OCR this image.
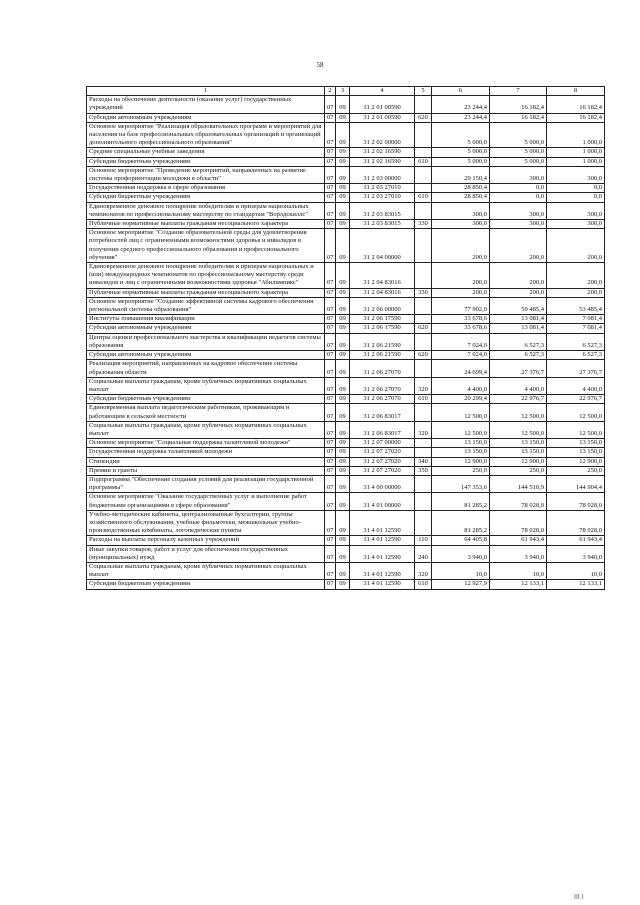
58
1	2	3	4	5	6	7	8
Расходы на обеспечение деятельности (оказание услуг) государственных учреждений	07	09	31 2 01 00590		23 244,4	16 182,4	16 182,4
Субсидии автономным учреждениям	07	09	31 2 01 00590	620	23 244,4	16 182,4	16 182,4
Основное мероприятие "Реализация образовательных программ и мероприятий для населения на базе профессиональных образовательных организаций и организаций дополнительного профессионального образования"	07	09	31 2 02 00000		5 000,0	5 000,0	1 000,0
Средние специальные учебные заведения	07	09	31 2 02 16590		5 000,0	5 000,0	1 000,0
Субсидии бюджетным учреждениям	07	09	31 2 02 16590	610	5 000,0	5 000,0	1 000,0
Основное мероприятие "Проведение мероприятий, направленных на развитие системы профориентации молодежи в области"	07	09	31 2 03 00000		29 150,4	300,0	300,0
Государственная поддержка в сфере образования	07	09	31 2 03 27010		28 850,4	0,0	0,0
Субсидии бюджетным учреждениям	07	09	31 2 03 27010	610	28 850,4	0,0	0,0
Единовременное денежное поощрение победителям и призерам национальных чемпионатов по профессиональному мастерству по стандартам "Ворлдскиллс"	07	09	31 2 03 83015		300,0	300,0	300,0
Публичные нормативные выплаты гражданам несоциального характера	07	09	31 2 03 83015	330	300,0	300,0	300,0
Основное мероприятие "Создание образовательной среды для удовлетворения потребностей лиц с ограниченными возможностями здоровья и инвалидов в получении среднего профессионального образования и профессионального обучения"	07	09	31 2 04 00000		200,0	200,0	200,0
Единовременное денежное поощрение победителям и призерам национальных и (или) международных чемпионатов по профессиональному мастерству среди инвалидов и лиц с ограниченными возможностями здоровья "Абилимпикс"	07	09	31 2 04 83016		200,0	200,0	200,0
Публичные нормативные выплаты гражданам несоциального характера	07	09	31 2 04 83016	330	200,0	200,0	200,0
Основное мероприятие "Создание эффективной системы кадрового обеспечения региональной системы образования"	07	09	31 2 06 00000		77 902,0	59 485,4	53 485,4
Институты повышения квалификации	07	09	31 2 06 17590		33 678,6	13 081,4	7 081,4
Субсидии автономным учреждениям	07	09	31 2 06 17590	620	33 678,6	13 081,4	7 081,4
Центры оценки профессионального мастерства и квалификации педагогов системы образования	07	09	31 2 06 21590		7 024,0	6 527,3	6 527,3
Субсидии автономным учреждениям	07	09	31 2 06 21590	620	7 024,0	6 527,3	6 527,3
Реализация мероприятий, направленных на кадровое обеспечение системы образования области	07	09	31 2 06 27070		24 699,4	27 376,7	27 376,7
Социальные выплаты гражданам, кроме публичных нормативных социальных выплат	07	09	31 2 06 27070	320	4 400,0	4 400,0	4 400,0
Субсидии бюджетным учреждениям	07	09	31 2 06 27070	610	20 299,4	22 976,7	22 976,7
Единовременная выплата педагогическим работникам, проживающим и работающим в сельской местности	07	09	31 2 06 83017		12 500,0	12 500,0	12 500,0
Социальные выплаты гражданам, кроме публичных нормативных социальных выплат	07	09	31 2 06 83017	320	12 500,0	12 500,0	12 500,0
Основное мероприятие "Социальная поддержка талантливой молодежи"	07	09	31 2 07 00000		13 150,0	13 150,0	13 150,0
Государственная поддержка талантливой молодежи	07	09	31 2 07 27020		13 150,0	13 150,0	13 150,0
Стипендии	07	09	31 2 07 27020	340	12 900,0	12 900,0	12 900,0
Премии и гранты	07	09	31 2 07 27020	350	250,0	250,0	250,0
Подпрограмма "Обеспечение создания условий для реализации государственной программы"	07	09	31 4 00 00000		147 353,6	144 510,9	144 904,4
Основное мероприятие "Оказание государственных услуг и выполнение работ бюджетными организациями в сфере образования"	07	09	31 4 01 00000		81 285,2	78 028,0	78 028,0
Учебно-методические кабинеты, централизованные бухгалтерии, группы хозяйственного обслуживания, учебные фильмотеки, межшкольные учебно-производственные комбинаты, логопедические пункты	07	09	31 4 01 12590		81 285,2	78 028,0	78 028,0
Расходы на выплаты персоналу казенных учреждений	07	09	31 4 01 12590	110	64 405,8	61 943,4	61 943,4
Иные закупки товаров, работ и услуг для обеспечения государственных (муниципальных) нужд	07	09	31 4 01 12590	240	3 940,0	3 940,0	3 940,0
Социальные выплаты гражданам, кроме публичных нормативных социальных выплат	07	09	31 4 01 12590	320	10,0	10,0	10,0
Субсидии бюджетным учреждениям	07	09	31 4 01 12590	610	12 927,9	12 133,1	12 133,1
III I
